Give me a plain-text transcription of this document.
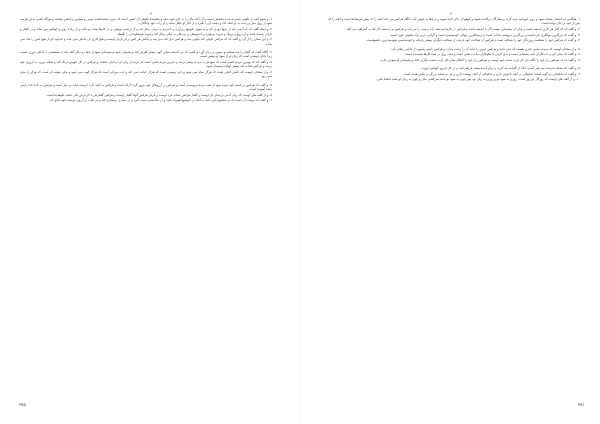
۶

١- و سوم آنچه از نکوئی شمرده شده بخشش است و آن آنکه مال را به جای خود بدهد و بخشندهٔ حقیقی آن کسی است که بدون چشمداشت عوض و سپاس و پاداش ببخشد و هرگاه کسی به او نیازمند شود از روی میل و رغبت به او کمک کند و دست او را بگیرد و از حال او غافل نماند و او را به خود وانگذارد.

٢- و اینکه گفته اند که آدمی باید از بدیها دوری کند و به سوی نکوئیها رو آورد و با مردم به نرمی رفتار کند و از درشتی بپرهیزد و در کارها میانه رو باشد و از زیاده روی و کوتاهی دور بماند و در گفتار و کردار راست باشد و از دروغ و نیرنگ و فریب بپرهیزد و با خویشان و نزدیکان به نیکی رفتار کند و پیوند خویشاوندی را نگسلد.

٣- و این سخن را از آن رو گفته اند که هرکس نکوئی کند نکوئی بیند و هرکس بدی کند بدی بیند و پاداش هر کس برابر کردار اوست و هیچ کاری بی پاداش نمی ماند و خداوند کردار هیچ کس را تباه نمی سازد.

۴- آنگاه گفت که گفتار را باید سنجید و سپس بر زبان آورد و کسی که بی اندیشه سخن گوید بسیار لغزش کند و پشیمان شود و پشیمانی سودی ندهد. و دیگر آنکه باید از همنشینی با نادانان دوری جست زیرا نادان دوستی است که زیان او از سود او بیشتر است.

۵- و گفته اند که بهترین مردم کسی است که سودش به مردم بیشتر برسد و بدترین مردم کسی است که مردم از زیان او در امان نباشند. و هرکس در کار خویش درنگ کند و شتاب نورزد به آرزوی خود برسد و هرکس شتاب کند بیشتر اوقات پشیمان شود.

۶- و از سخنان اوست که دانش گنجی است که هرگز تمام نمی شود و خرد دوستی است که هرگز خیانت نمی کند و ادب میراثی است که هرگز کهنه نمی شود و نیکی توشه ای است که هرگز از میان نمی رود.

٧- و گفت که هرکس بر خشم خود چیره شود از همه مردم نیرومندتر است و هرکس بر آرزوهای خود پیروز گردد آزاده است و هرکس به آنچه دارد خرسند باشد بی نیاز است و هرکس به داده خدا راضی باشد آسوده است.

٨- و از گفته های اوست که زبان آدمی ترجمان دل اوست و گفتار هرکس نشانه خرد اوست و کردار هرکس گواه گفتار اوست و هرکس گفتارش با کردارش یکی نباشد نکوهیده است.

٩- و گفت که دوست آن است که در سختیها یاور باشد نه آنکه در خوشیها همراه باشد و در تنگدستی دست گیرد و در بیماری پرستاری کند و در غیاب از آبروی دوست خود دفاع کند.

٣٥٥
۶

١- هنگامی که آسمان سخت شود و روی خورشید تیره گردد و ستارگان پراکنده شوند و کوهها از جای کنده شوند و دریاها به جوش آیند، آنگاه هرکس می داند آنچه را که پیش فرستاده است و آنچه را که پس از خود بر جای نهاده است.

٢- و گفته اند که آغاز هر کاری اندیشه است و پایان آن پشیمانی نیست اگر با اندیشه باشد و هرکس در کارها بیندیشد راه درست را می یابد و هرکس بی اندیشه کار کند به گمراهی می افتد.

٣- و گفت که بزرگترین توانگری خرد است و بزرگترین درویشی نادانی است و ترسناکترین تنهائی خودپسندی است و گرامی ترین نژاد نیکوئی خوی است.

۴- و گفت که هرکس خود را بشناسد پروردگار خود را شناخته است و هرکس از شناخت خود بازماند از شناخت دیگران بیشتر بازماند و خودشناسی سودمندترین دانشهاست.

۵- و از سخنان اوست که مردم دشمن چیزی هستند که نمی دانند و هرکس چیزی را نداند آن را زشت پندارد و هرکس دانش بیاموزد از نادانی رهائی یابد.

۶- و گفت که نیکی کردن با بدکاران مایه پشیمانی است و بدی کردن با نیکوکاران مایه بدبختی است و میانه روی در همه کارها پسندیده است.

٧- و گفته اند که هرکس راز خود را نگاه دارد کار او به دست خود اوست و هرکس راز خود را آشکار سازد کار او به دست دیگران افتد و پشیمانی او سودی ندارد.

٨- و گفت که نشانه خردمند سه چیز است: آنکه از گذشته پند گیرد، و برای آینده توشه فراهم کند، و در کار امروز کوتاهی نورزد.

٩- و گفت که شکیبائی دو گونه است: شکیبائی بر آنچه ناخوش داری و شکیبائی از آنچه دوست داری و هر دو نشانه بزرگی و بلندی همت است.

١٠- و از گفته های اوست که روزگار دو روز است: روزی به سود تو و روزی به زیان تو، پس چون به سود تو باشد سرکشی مکن و چون به زیان تو باشد شکیبا باش.

٣٥١
